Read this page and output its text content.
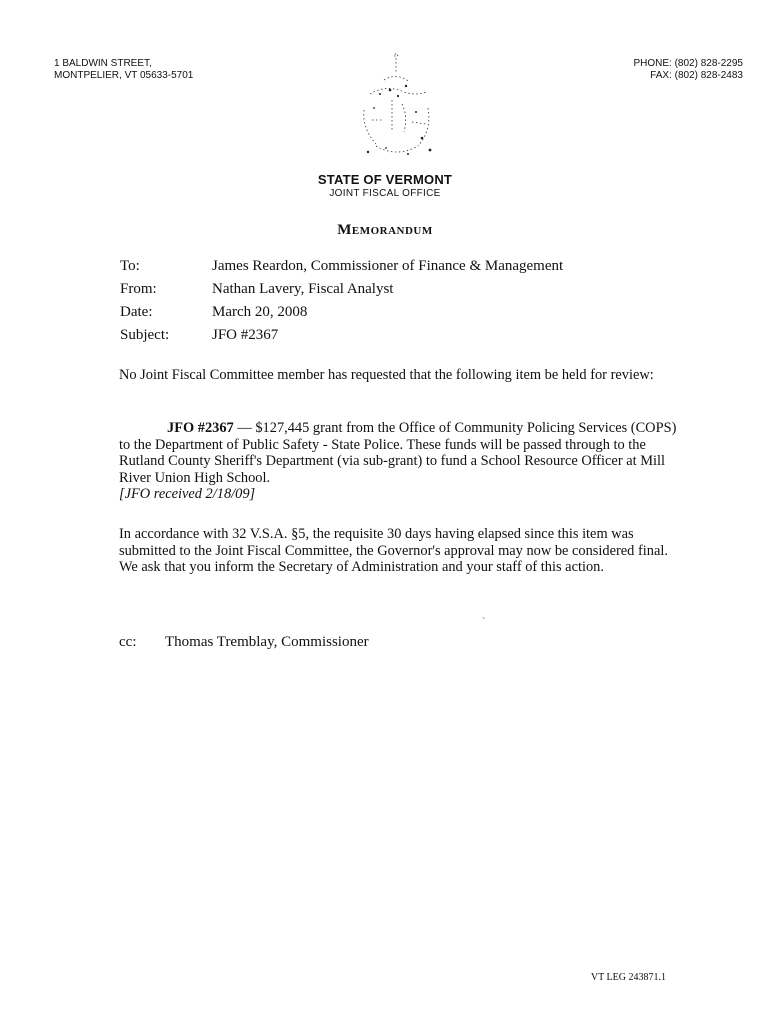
1 BALDWIN STREET,
MONTPELIER, VT 05633-5701
PHONE: (802) 828-2295
FAX: (802) 828-2483
STATE OF VERMONT
JOINT FISCAL OFFICE
Memorandum
To:	James Reardon, Commissioner of Finance & Management
From:	Nathan Lavery, Fiscal Analyst
Date:	March 20, 2008
Subject:	JFO #2367
No Joint Fiscal Committee member has requested that the following item be held for review:
JFO #2367 — $127,445 grant from the Office of Community Policing Services (COPS) to the Department of Public Safety - State Police. These funds will be passed through to the Rutland County Sheriff's Department (via sub-grant) to fund a School Resource Officer at Mill River Union High School.
[JFO received 2/18/09]
In accordance with 32 V.S.A. §5, the requisite 30 days having elapsed since this item was submitted to the Joint Fiscal Committee, the Governor's approval may now be considered final. We ask that you inform the Secretary of Administration and your staff of this action.
`
cc:	Thomas Tremblay, Commissioner
VT LEG 243871.1
